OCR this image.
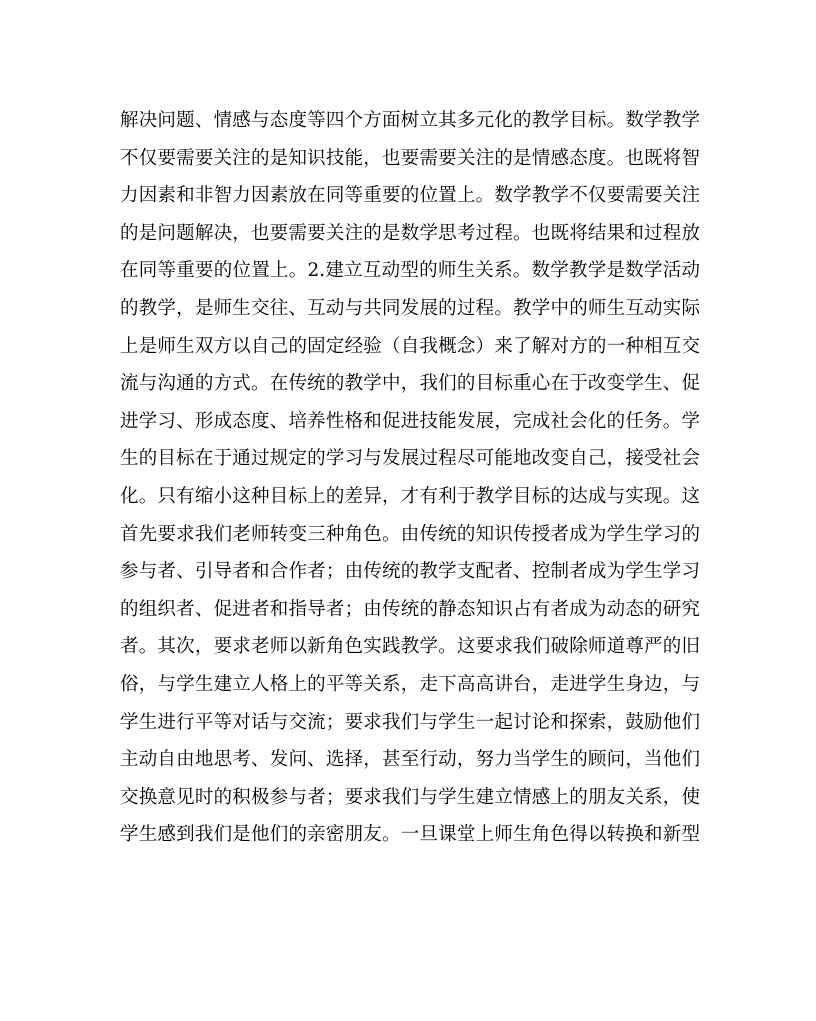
解决问题、情感与态度等四个方面树立其多元化的教学目标。数学教学
不仅要需要关注的是知识技能，也要需要关注的是情感态度。也既将智
力因素和非智力因素放在同等重要的位置上。数学教学不仅要需要关注
的是问题解决，也要需要关注的是数学思考过程。也既将结果和过程放
在同等重要的位置上。2.建立互动型的师生关系。数学教学是数学活动
的教学，是师生交往、互动与共同发展的过程。教学中的师生互动实际
上是师生双方以自己的固定经验（自我概念）来了解对方的一种相互交
流与沟通的方式。在传统的教学中，我们的目标重心在于改变学生、促
进学习、形成态度、培养性格和促进技能发展，完成社会化的任务。学
生的目标在于通过规定的学习与发展过程尽可能地改变自己，接受社会
化。只有缩小这种目标上的差异，才有利于教学目标的达成与实现。这
首先要求我们老师转变三种角色。由传统的知识传授者成为学生学习的
参与者、引导者和合作者；由传统的教学支配者、控制者成为学生学习
的组织者、促进者和指导者；由传统的静态知识占有者成为动态的研究
者。其次，要求老师以新角色实践教学。这要求我们破除师道尊严的旧
俗，与学生建立人格上的平等关系，走下高高讲台，走进学生身边，与
学生进行平等对话与交流；要求我们与学生一起讨论和探索，鼓励他们
主动自由地思考、发问、选择，甚至行动，努力当学生的顾问，当他们
交换意见时的积极参与者；要求我们与学生建立情感上的朋友关系，使
学生感到我们是他们的亲密朋友。一旦课堂上师生角色得以转换和新型
